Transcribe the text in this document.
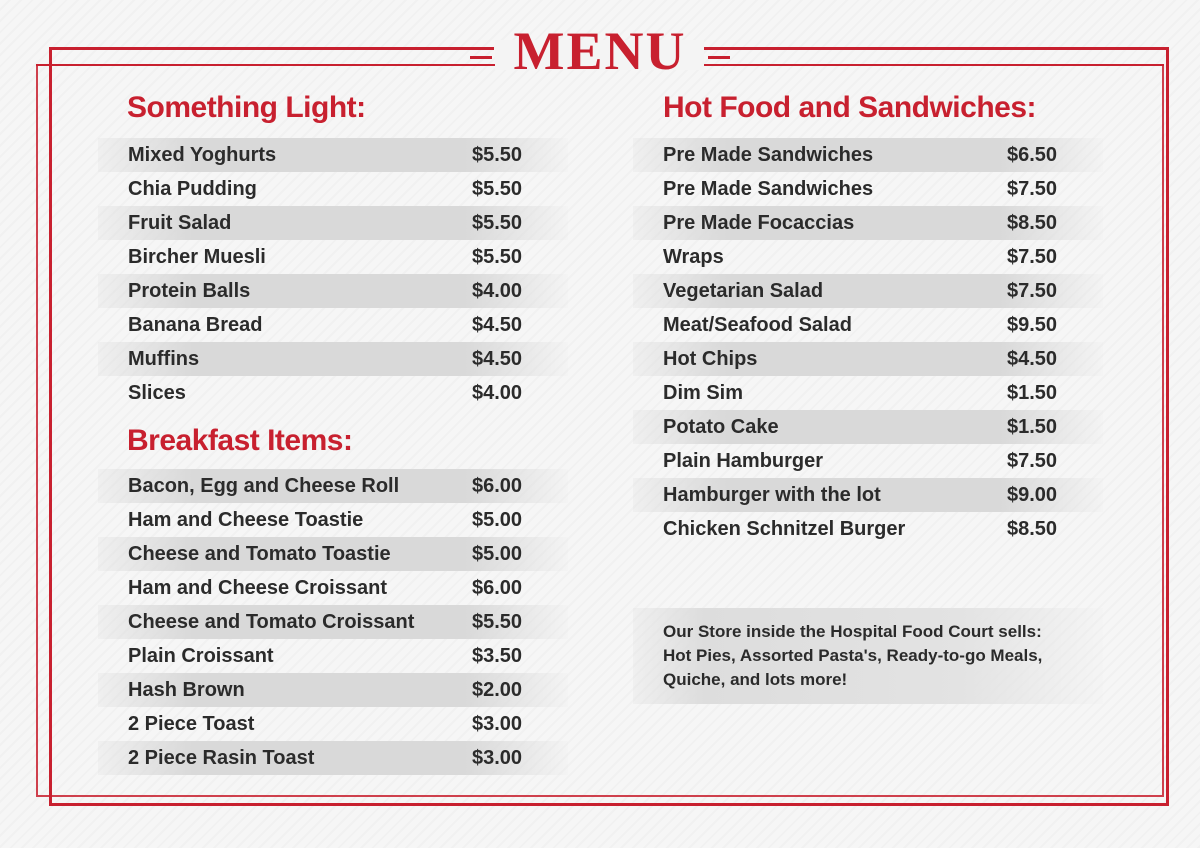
MENU
Something Light:
Mixed Yoghurts	$5.50
Chia Pudding	$5.50
Fruit Salad	$5.50
Bircher Muesli	$5.50
Protein Balls	$4.00
Banana Bread	$4.50
Muffins	$4.50
Slices	$4.00
Breakfast Items:
Bacon, Egg and Cheese Roll	$6.00
Ham and Cheese Toastie	$5.00
Cheese and Tomato Toastie	$5.00
Ham and Cheese Croissant	$6.00
Cheese and Tomato Croissant	$5.50
Plain Croissant	$3.50
Hash Brown	$2.00
2 Piece Toast	$3.00
2 Piece Rasin Toast	$3.00
Hot Food and Sandwiches:
Pre Made Sandwiches	$6.50
Pre Made Sandwiches	$7.50
Pre Made Focaccias	$8.50
Wraps	$7.50
Vegetarian Salad	$7.50
Meat/Seafood Salad	$9.50
Hot Chips	$4.50
Dim Sim	$1.50
Potato Cake	$1.50
Plain Hamburger	$7.50
Hamburger with the lot	$9.00
Chicken Schnitzel Burger	$8.50
Our Store inside the Hospital Food Court sells:
Hot Pies, Assorted Pasta's, Ready-to-go Meals,
Quiche, and lots more!
